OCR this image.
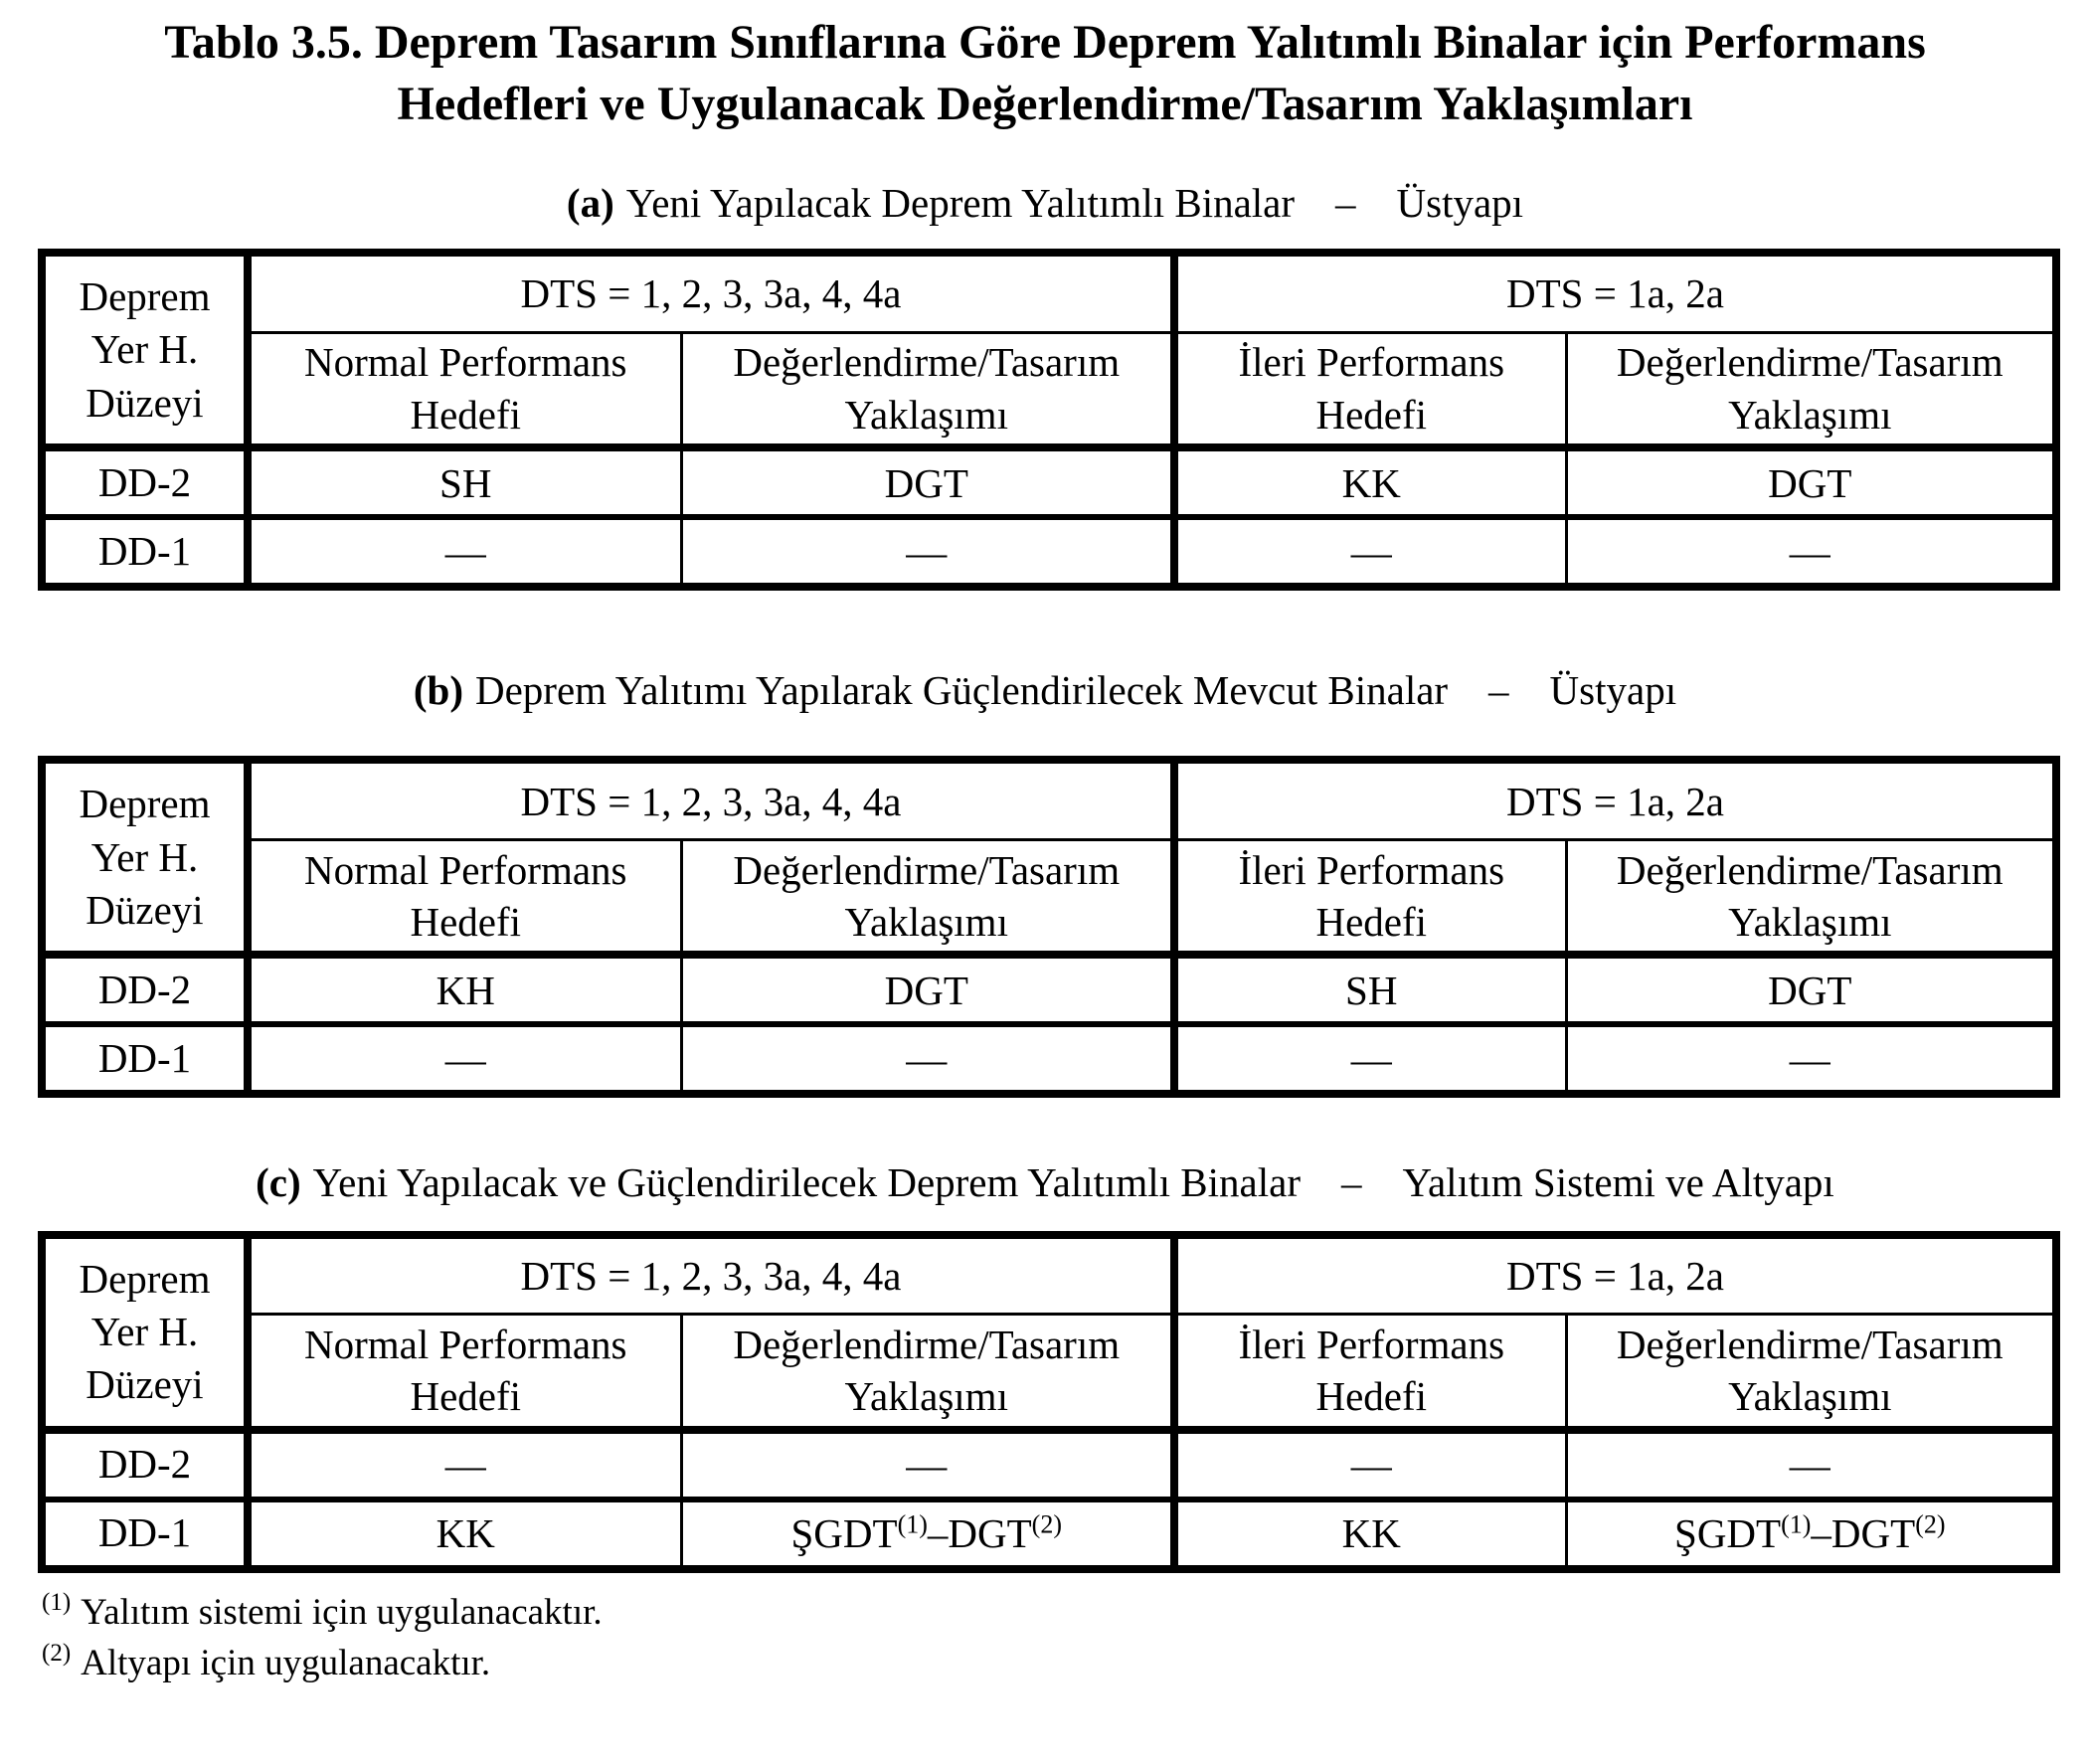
Tablo 3.5. Deprem Tasarım Sınıflarına Göre Deprem Yalıtımlı Binalar için Performans
Hedefleri ve Uygulanacak Değerlendirme/Tasarım Yaklaşımları
(a) Yeni Yapılacak Deprem Yalıtımlı Binalar  –  Üstyapı
Deprem
Yer H.
Düzeyi	DTS = 1, 2, 3, 3a, 4, 4a		DTS = 1a, 2a	
	Normal Performans Hedefi	Değerlendirme/Tasarım Yaklaşımı	İleri Performans Hedefi	Değerlendirme/Tasarım Yaklaşımı
DD-2	SH	DGT	KK	DGT
DD-1	—	—	—	—
(b) Deprem Yalıtımı Yapılarak Güçlendirilecek Mevcut Binalar  –  Üstyapı
Deprem
Yer H.
Düzeyi	DTS = 1, 2, 3, 3a, 4, 4a		DTS = 1a, 2a	
	Normal Performans Hedefi	Değerlendirme/Tasarım Yaklaşımı	İleri Performans Hedefi	Değerlendirme/Tasarım Yaklaşımı
DD-2	KH	DGT	SH	DGT
DD-1	—	—	—	—
(c) Yeni Yapılacak ve Güçlendirilecek Deprem Yalıtımlı Binalar  –  Yalıtım Sistemi ve Altyapı
Deprem
Yer H.
Düzeyi	DTS = 1, 2, 3, 3a, 4, 4a		DTS = 1a, 2a	
	Normal Performans Hedefi	Değerlendirme/Tasarım Yaklaşımı	İleri Performans Hedefi	Değerlendirme/Tasarım Yaklaşımı
DD-2	—	—	—	—
DD-1	KK	ŞGDT$^{(1)}$–DGT$^{(2)}$	KK	ŞGDT$^{(1)}$–DGT$^{(2)}$
$^{(1)}$ Yalıtım sistemi için uygulanacaktır.
$^{(2)}$ Altyapı için uygulanacaktır.
